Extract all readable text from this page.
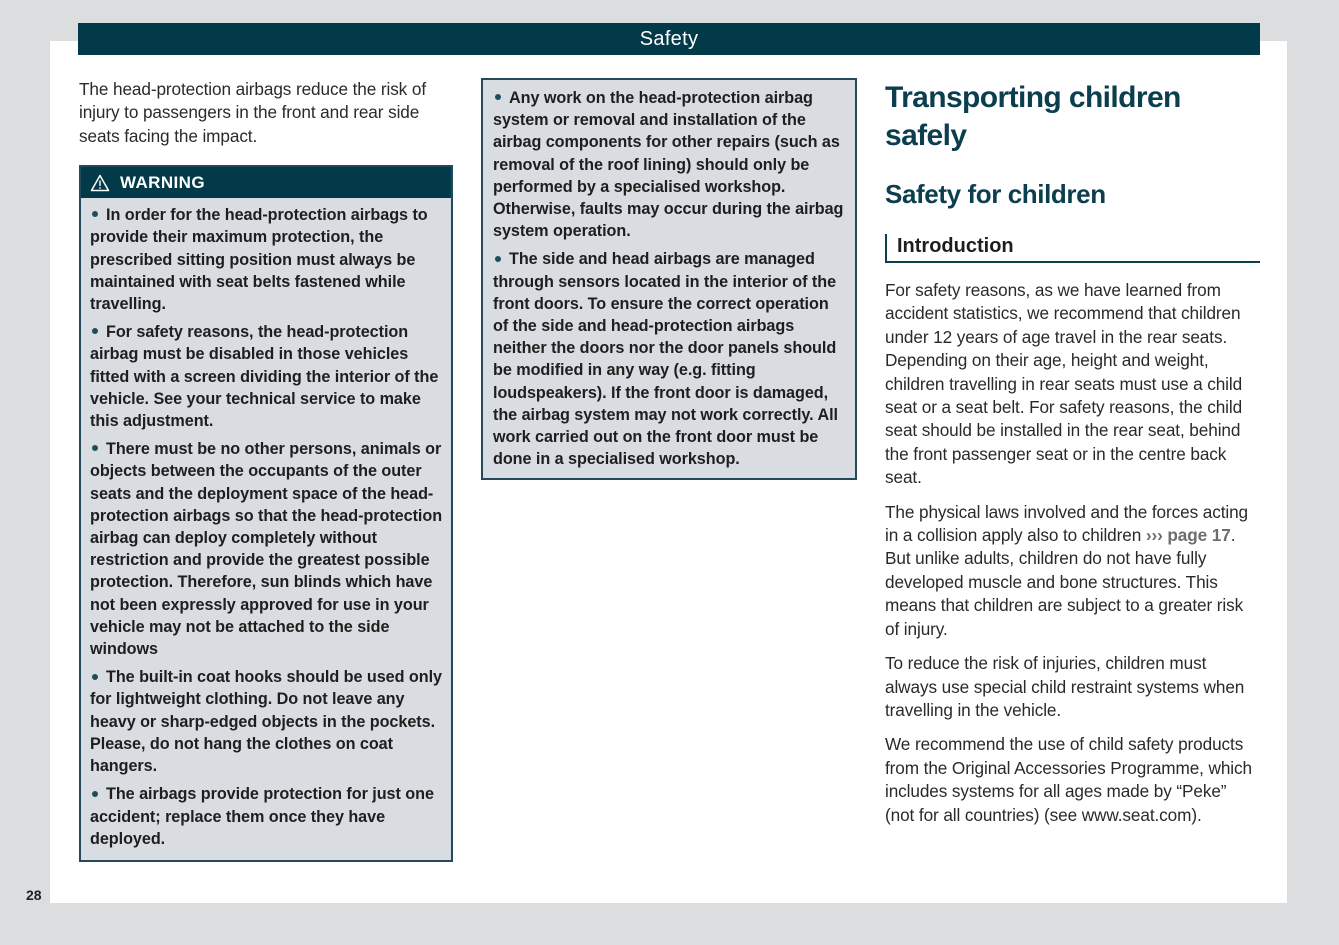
Safety

The head-protection airbags reduce the risk of injury to passengers in the front and rear side seats facing the impact.

WARNING

In order for the head-protection airbags to provide their maximum protection, the prescribed sitting position must always be maintained with seat belts fastened while travelling.

For safety reasons, the head-protection airbag must be disabled in those vehicles fitted with a screen dividing the interior of the vehicle. See your technical service to make this adjustment.

There must be no other persons, animals or objects between the occupants of the outer seats and the deployment space of the head-protection airbags so that the head-protection airbag can deploy completely without restriction and provide the greatest possible protection. Therefore, sun blinds which have not been expressly approved for use in your vehicle may not be attached to the side windows

The built-in coat hooks should be used only for lightweight clothing. Do not leave any heavy or sharp-edged objects in the pockets. Please, do not hang the clothes on coat hangers.

The airbags provide protection for just one accident; replace them once they have deployed.

Any work on the head-protection airbag system or removal and installation of the airbag components for other repairs (such as removal of the roof lining) should only be performed by a specialised workshop. Otherwise, faults may occur during the airbag system operation.

The side and head airbags are managed through sensors located in the interior of the front doors. To ensure the correct operation of the side and head-protection airbags neither the doors nor the door panels should be modified in any way (e.g. fitting loudspeakers). If the front door is damaged, the airbag system may not work correctly. All work carried out on the front door must be done in a specialised workshop.

Transporting children safely
Safety for children
Introduction

For safety reasons, as we have learned from accident statistics, we recommend that children under 12 years of age travel in the rear seats. Depending on their age, height and weight, children travelling in rear seats must use a child seat or a seat belt. For safety reasons, the child seat should be installed in the rear seat, behind the front passenger seat or in the centre back seat.

The physical laws involved and the forces acting in a collision apply also to children ››› page 17. But unlike adults, children do not have fully developed muscle and bone structures. This means that children are subject to a greater risk of injury.

To reduce the risk of injuries, children must always use special child restraint systems when travelling in the vehicle.

We recommend the use of child safety products from the Original Accessories Programme, which includes systems for all ages made by “Peke” (not for all countries) (see www.seat.com).

28
